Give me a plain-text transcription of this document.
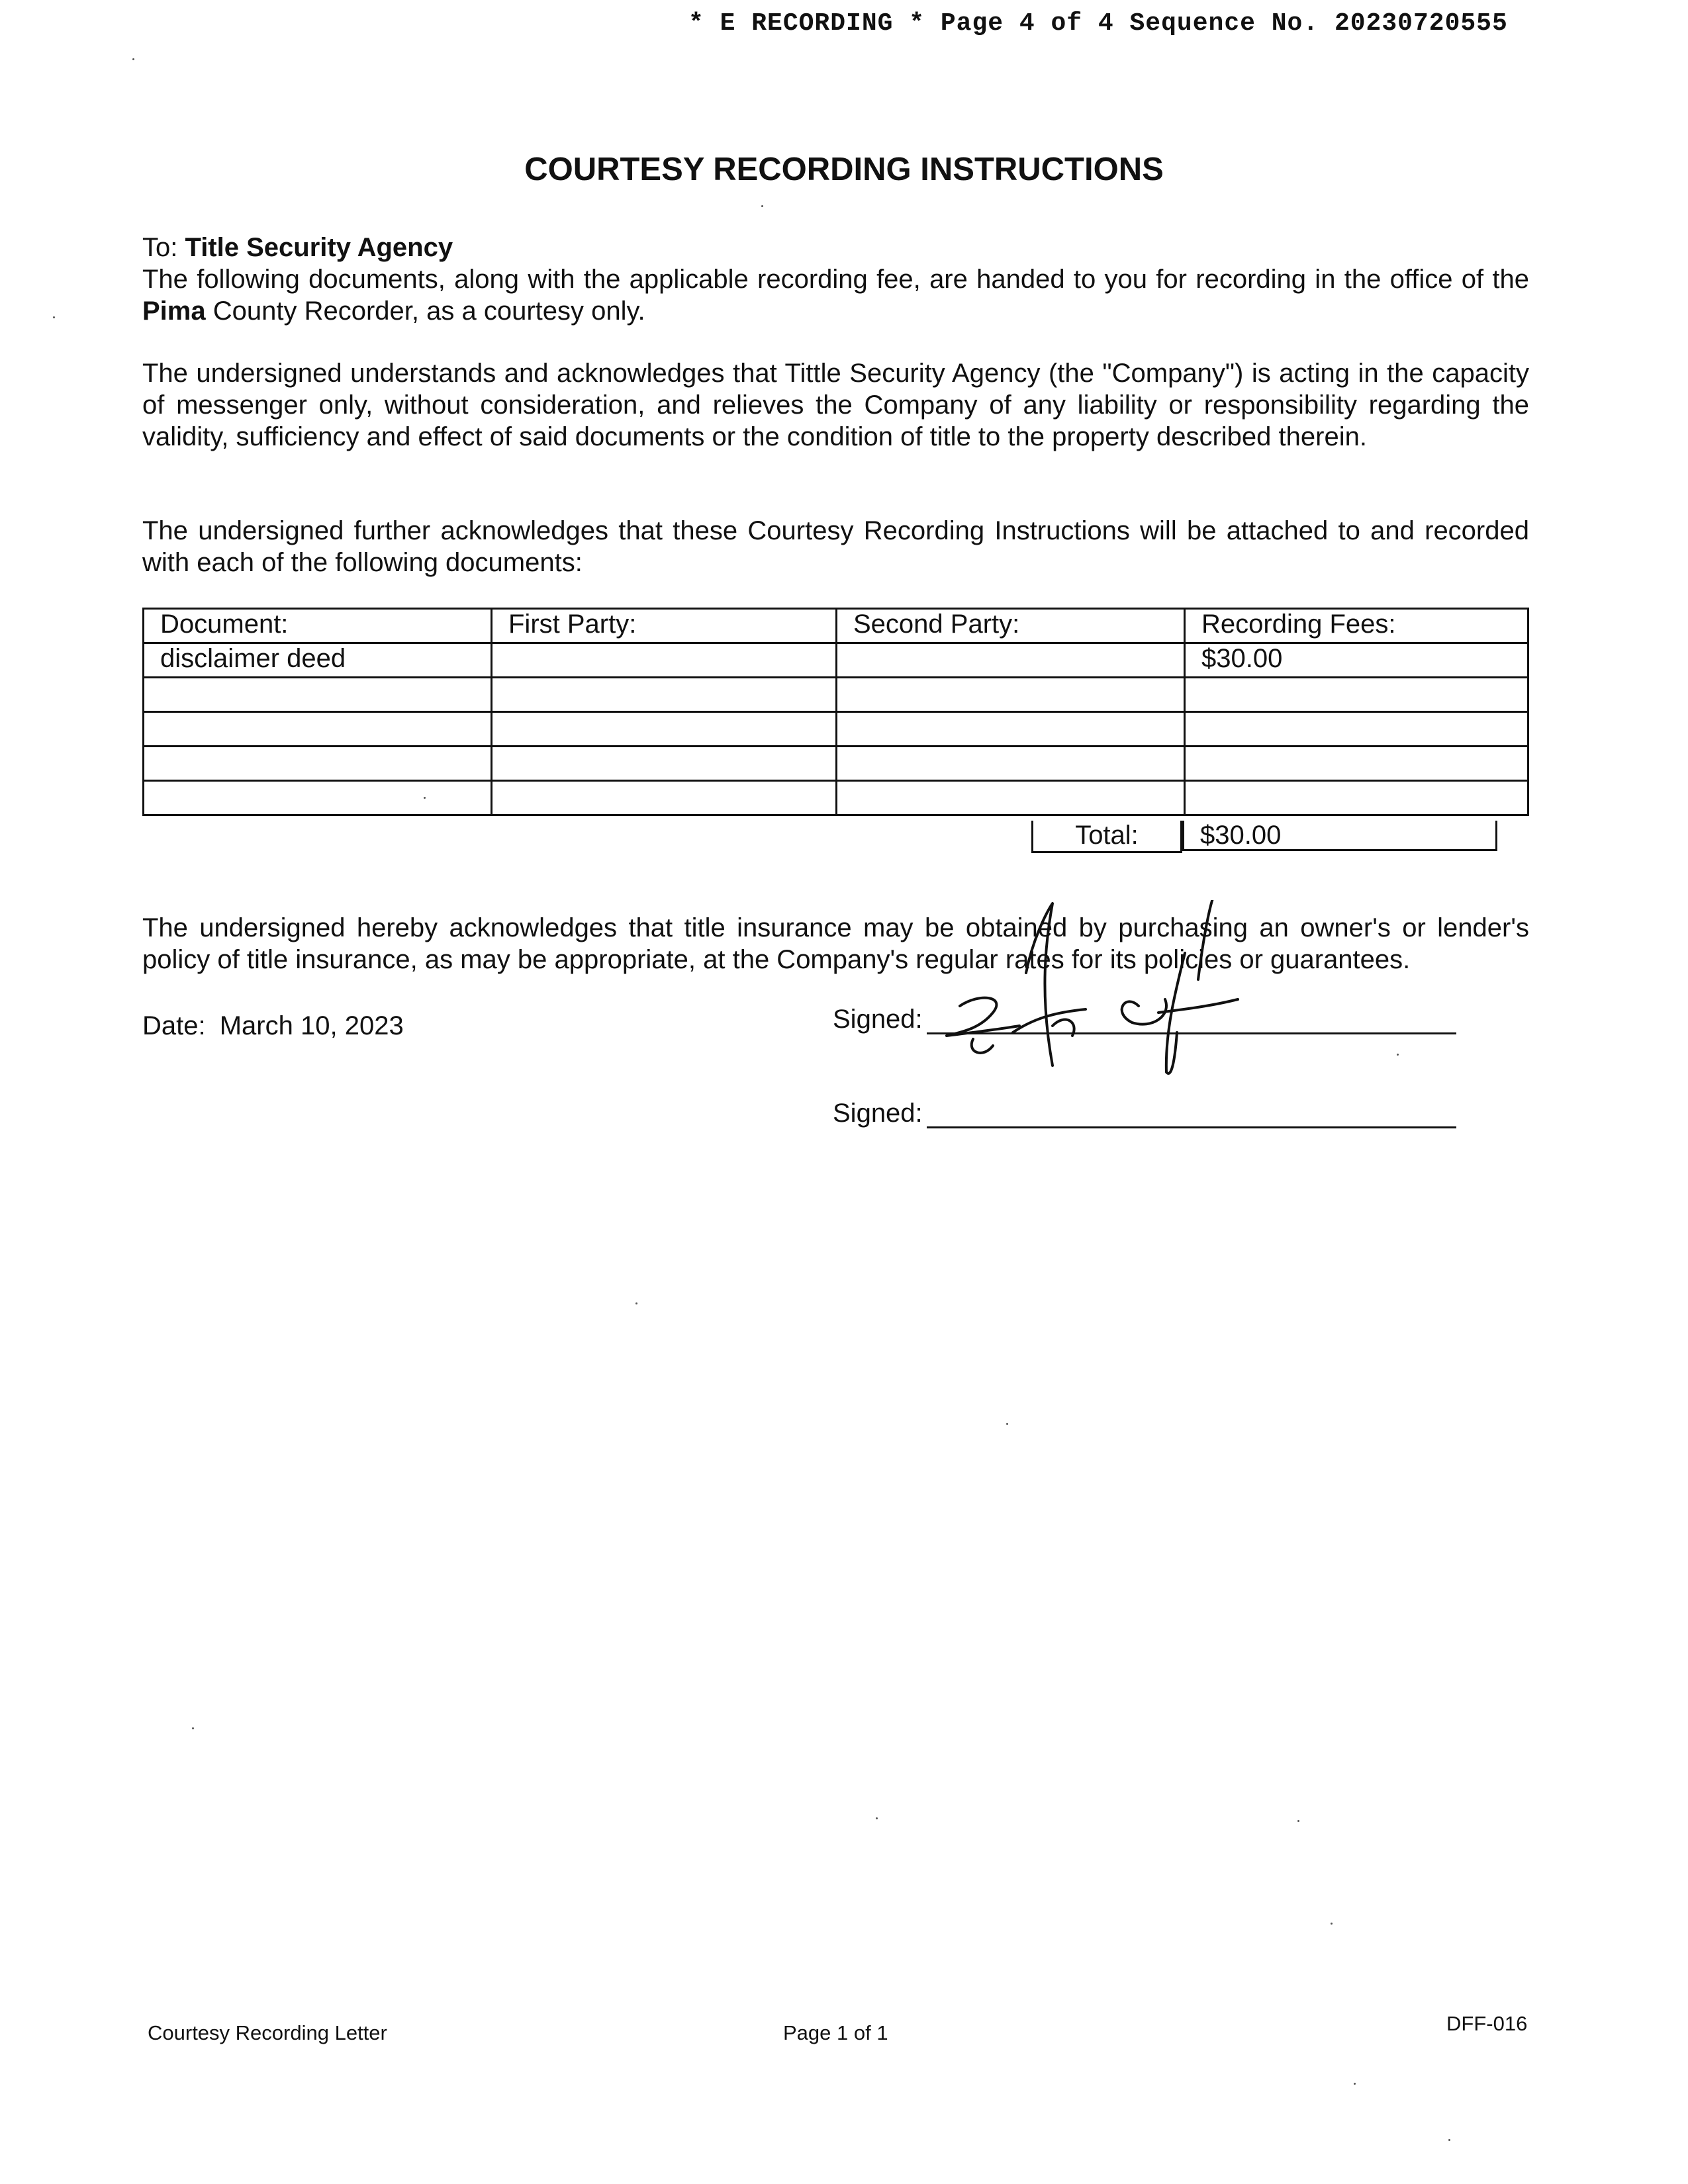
* E RECORDING * Page 4 of 4 Sequence No. 20230720555
COURTESY RECORDING INSTRUCTIONS
To: Title Security Agency
The following documents, along with the applicable recording fee, are handed to you for recording in the office of the Pima County Recorder, as a courtesy only.
The undersigned understands and acknowledges that Tittle Security Agency (the "Company") is acting in the capacity of messenger only, without consideration, and relieves the Company of any liability or responsibility regarding the validity, sufficiency and effect of said documents or the condition of title to the property described therein.
The undersigned further acknowledges that these Courtesy Recording Instructions will be attached to and recorded with each of the following documents:
Document:	First Party:	Second Party:	Recording Fees:
disclaimer deed			$30.00

Total:	$30.00
The undersigned hereby acknowledges that title insurance may be obtained by purchasing an owner's or lender's policy of title insurance, as may be appropriate, at the Company's regular rates for its policies or guarantees.
Date: March 10, 2023	Signed:
Signed:
Courtesy Recording Letter	Page 1 of 1	DFF-016
